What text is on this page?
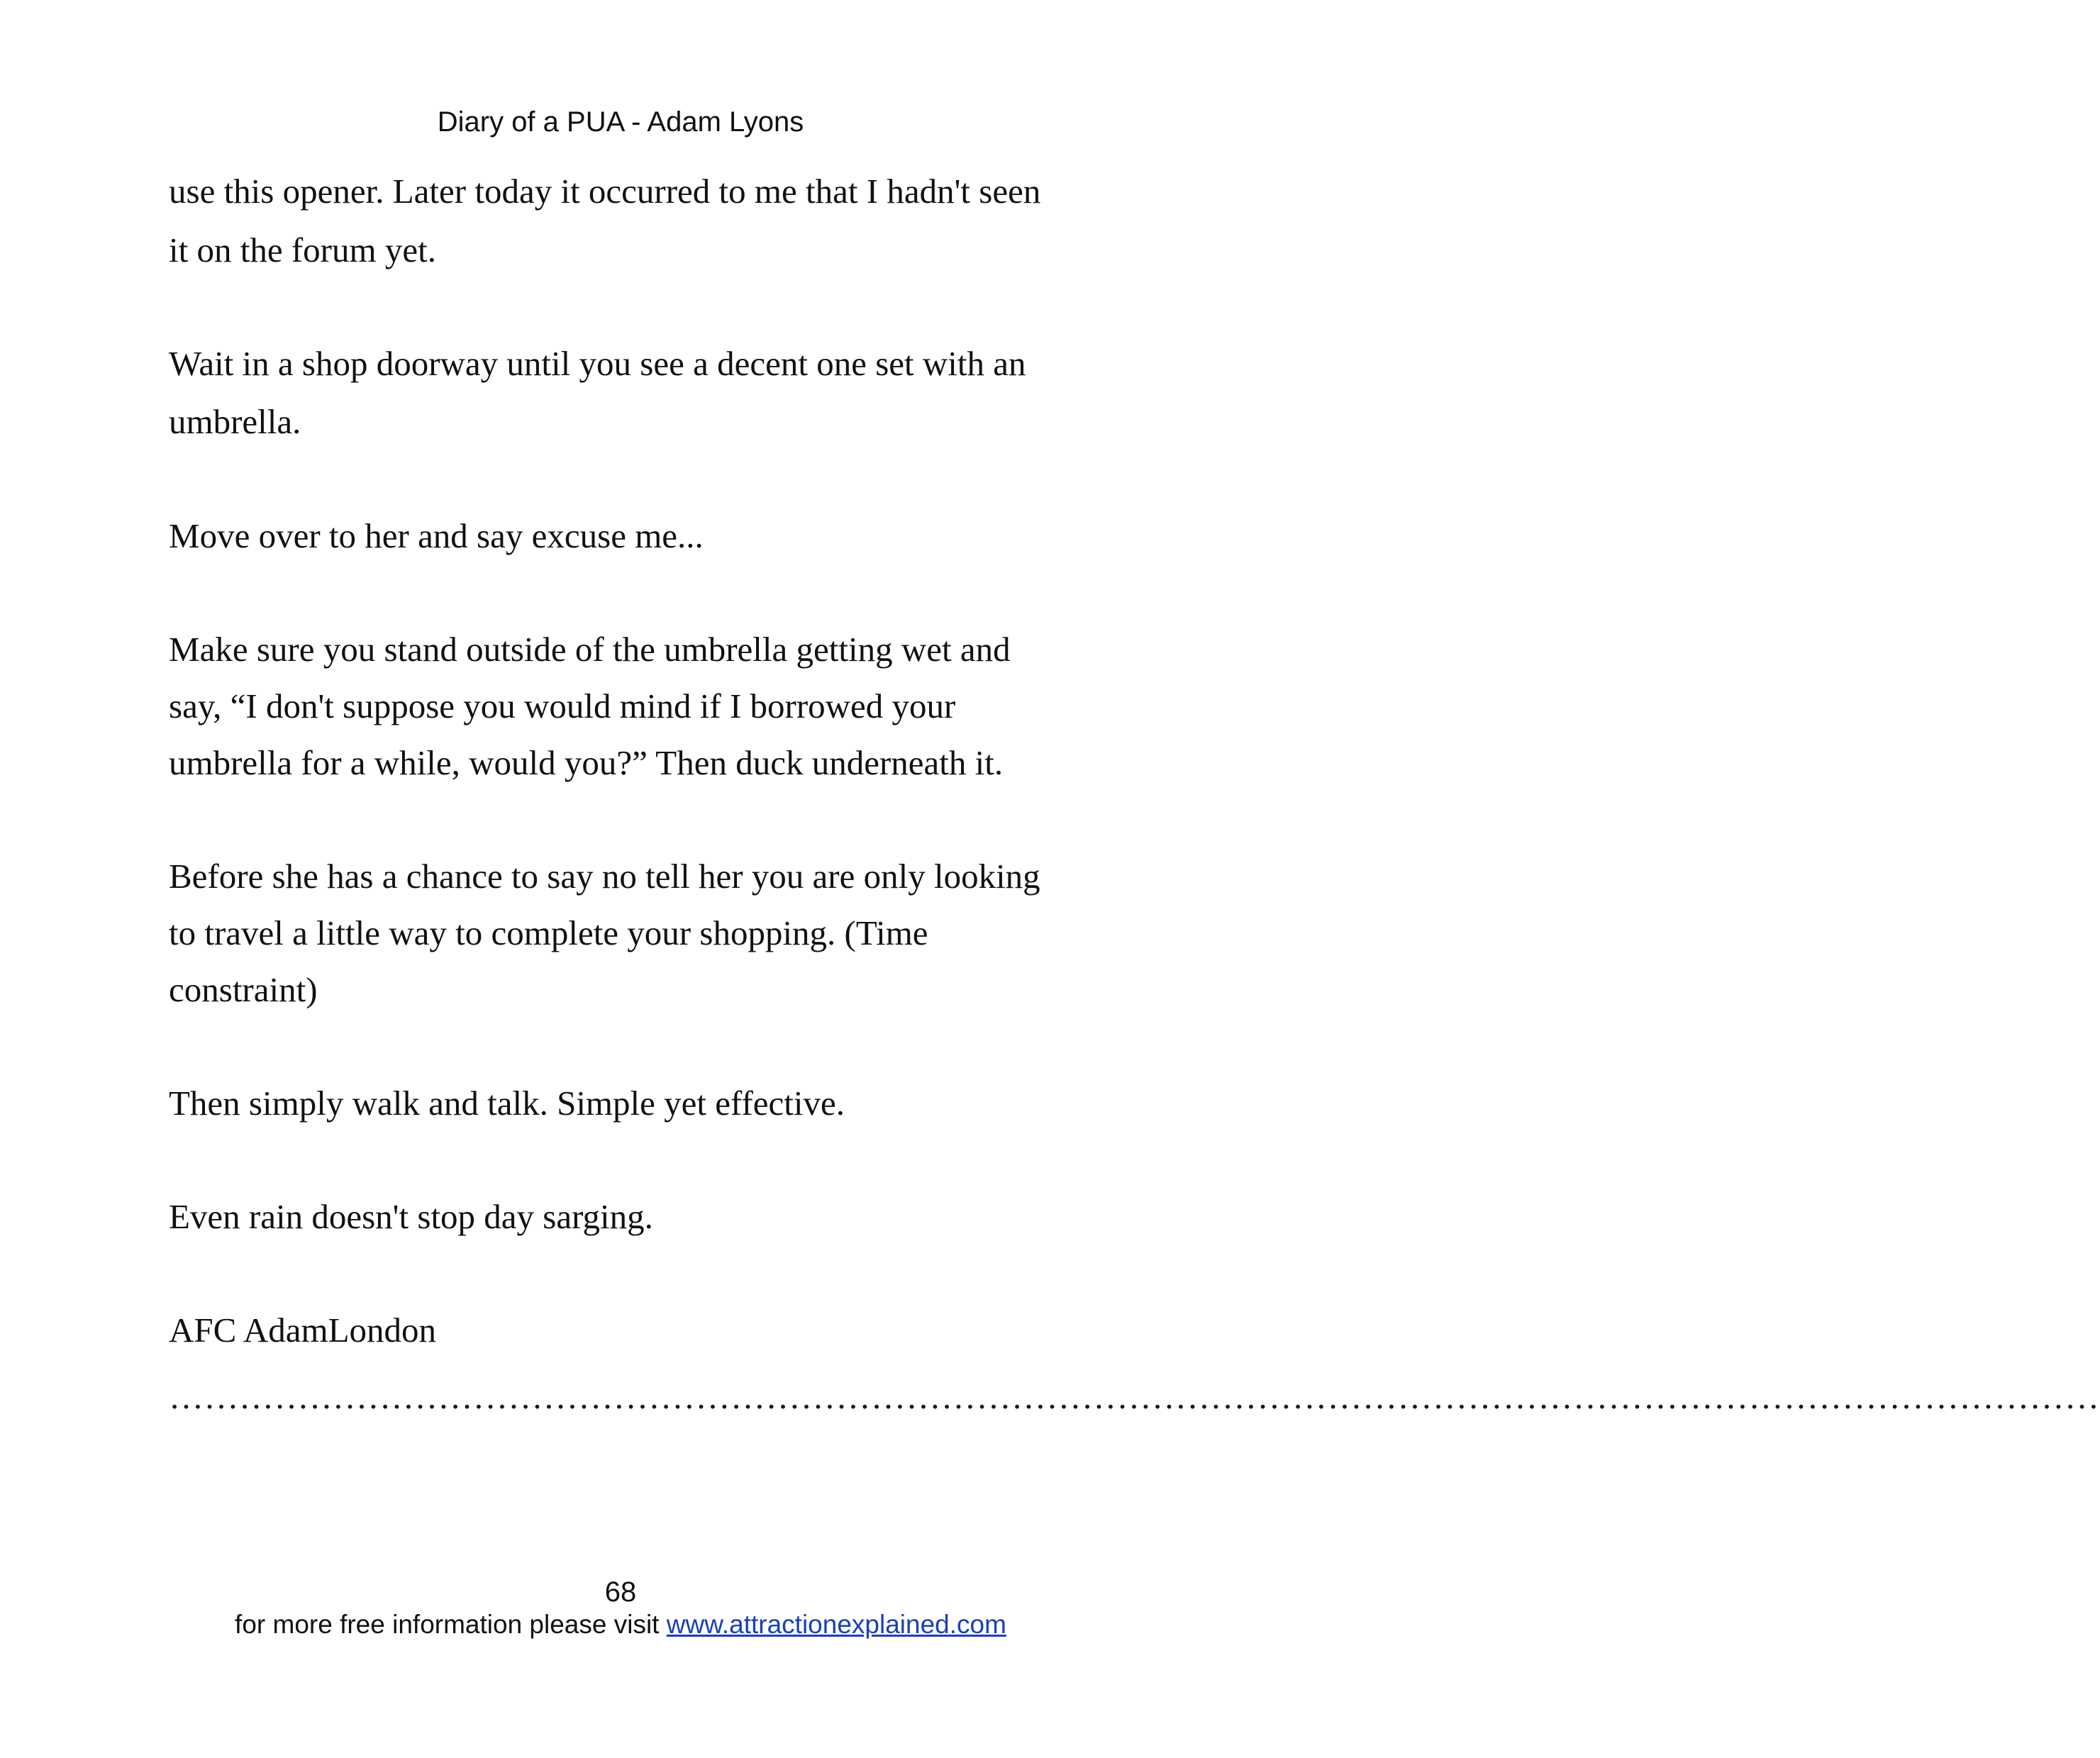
Diary of a PUA - Adam Lyons
use this opener. Later today it occurred to me that I hadn't seen
it on the forum yet.
Wait in a shop doorway until you see a decent one set with an
umbrella.
Move over to her and say excuse me...
Make sure you stand outside of the umbrella getting wet and
say, “I don't suppose you would mind if I borrowed your
umbrella for a while, would you?” Then duck underneath it.
Before she has a chance to say no tell her you are only looking
to travel a little way to complete your shopping. (Time
constraint)
Then simply walk and talk. Simple yet effective.
Even rain doesn't stop day sarging.
AFC AdamLondon
…………………………………………………………………………………………………………………………………………………
68
for more free information please visit www.attractionexplained.com
